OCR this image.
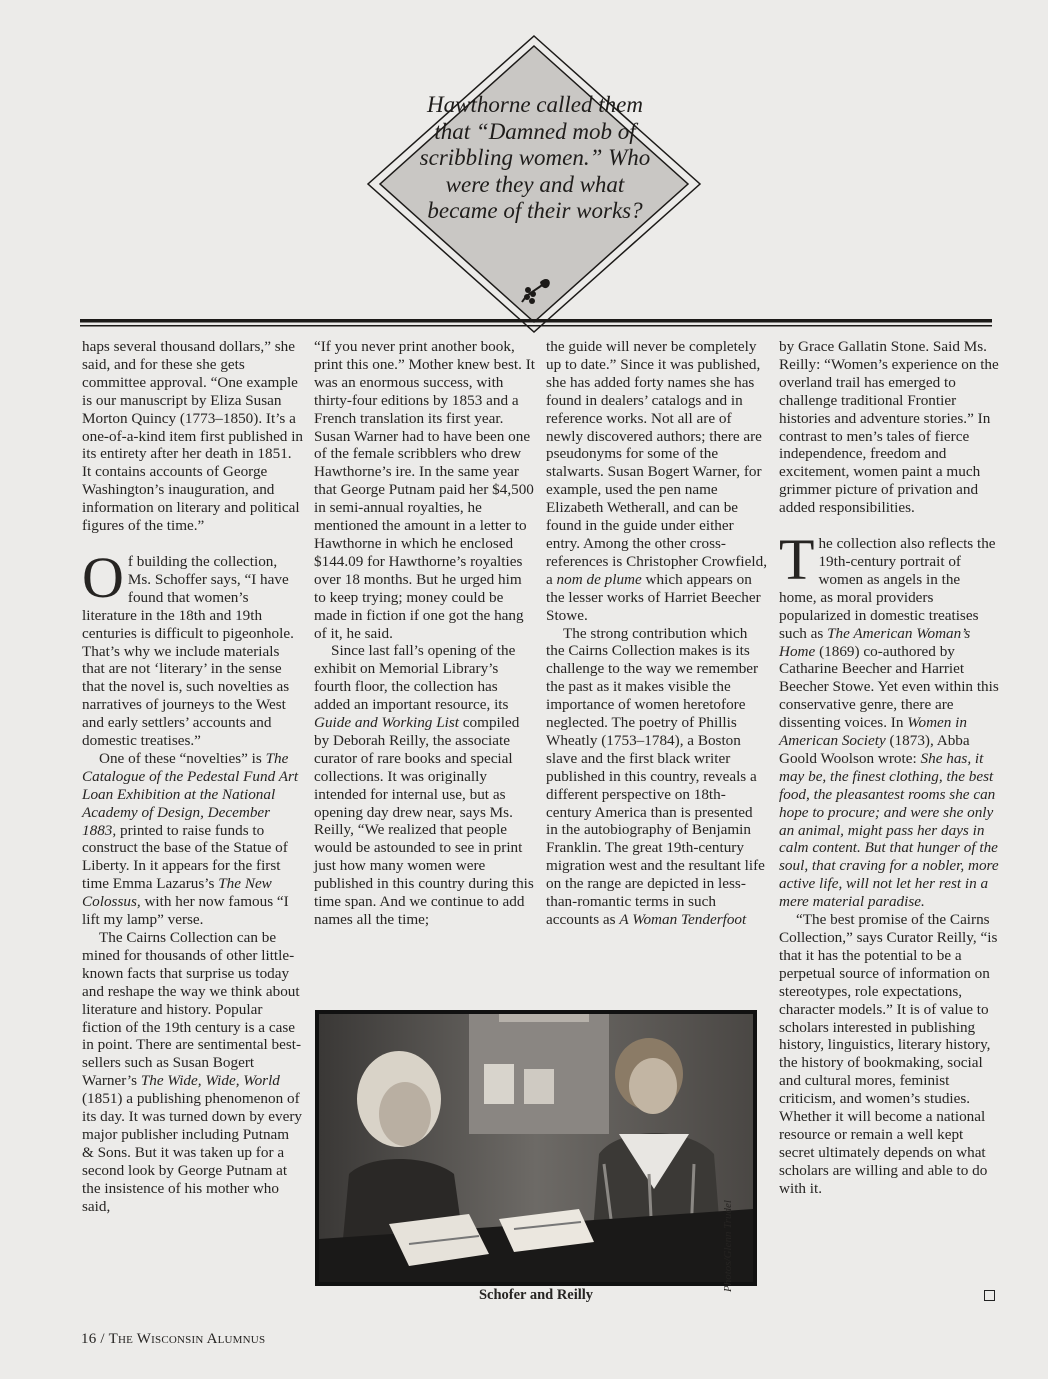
Hawthorne called them that “Damned mob of scribbling women.” Who were they and what became of their works?

haps several thousand dollars,” she said, and for these she gets committee approval. “One example is our manuscript by Eliza Susan Morton Quincy (1773–1850). It’s a one-of-a-kind item first published in its entirety after her death in 1851. It contains accounts of George Washington’s inauguration, and information on literary and political figures of the time.”

Of building the collection, Ms. Schoffer says, “I have found that women’s literature in the 18th and 19th centuries is difficult to pigeonhole. That’s why we include materials that are not ‘literary’ in the sense that the novel is, such novelties as narratives of journeys to the West and early settlers’ accounts and domestic treatises.”

One of these “novelties” is The Catalogue of the Pedestal Fund Art Loan Exhibition at the National Academy of Design, December 1883, printed to raise funds to construct the base of the Statue of Liberty. In it appears for the first time Emma Lazarus’s The New Colossus, with her now famous “I lift my lamp” verse.

The Cairns Collection can be mined for thousands of other little-known facts that surprise us today and reshape the way we think about literature and history. Popular fiction of the 19th century is a case in point. There are sentimental best-sellers such as Susan Bogert Warner’s The Wide, Wide, World (1851) a publishing phenomenon of its day. It was turned down by every major publisher including Putnam & Sons. But it was taken up for a second look by George Putnam at the insistence of his mother who said,

“If you never print another book, print this one.” Mother knew best. It was an enormous success, with thirty-four editions by 1853 and a French translation its first year. Susan Warner had to have been one of the female scribblers who drew Hawthorne’s ire. In the same year that George Putnam paid her $4,500 in semi-annual royalties, he mentioned the amount in a letter to Hawthorne in which he enclosed $144.09 for Hawthorne’s royalties over 18 months. But he urged him to keep trying; money could be made in fiction if one got the hang of it, he said.

Since last fall’s opening of the exhibit on Memorial Library’s fourth floor, the collection has added an important resource, its Guide and Working List compiled by Deborah Reilly, the associate curator of rare books and special collections. It was originally intended for internal use, but as opening day drew near, says Ms. Reilly, “We realized that people would be astounded to see in print just how many women were published in this country during this time span. And we continue to add names all the time;

the guide will never be completely up to date.” Since it was published, she has added forty names she has found in dealers’ catalogs and in reference works. Not all are of newly discovered authors; there are pseudonyms for some of the stalwarts. Susan Bogert Warner, for example, used the pen name Elizabeth Wetherall, and can be found in the guide under either entry. Among the other cross-references is Christopher Crowfield, a nom de plume which appears on the lesser works of Harriet Beecher Stowe.

The strong contribution which the Cairns Collection makes is its challenge to the way we remember the past as it makes visible the importance of women heretofore neglected. The poetry of Phillis Wheatly (1753–1784), a Boston slave and the first black writer published in this country, reveals a different perspective on 18th-century America than is presented in the autobiography of Benjamin Franklin. The great 19th-century migration west and the resultant life on the range are depicted in less-than-romantic terms in such accounts as A Woman Tenderfoot

by Grace Gallatin Stone. Said Ms. Reilly: “Women’s experience on the overland trail has emerged to challenge traditional Frontier histories and adventure stories.” In contrast to men’s tales of fierce independence, freedom and excitement, women paint a much grimmer picture of privation and added responsibilities.

The collection also reflects the 19th-century portrait of women as angels in the home, as moral providers popularized in domestic treatises such as The American Woman’s Home (1869) co-authored by Catharine Beecher and Harriet Beecher Stowe. Yet even within this conservative genre, there are dissenting voices. In Women in American Society (1873), Abba Goold Woolson wrote: She has, it may be, the finest clothing, the best food, the pleasantest rooms she can hope to procure; and were she only an animal, might pass her days in calm content. But that hunger of the soul, that craving for a nobler, more active life, will not let her rest in a mere material paradise.

“The best promise of the Cairns Collection,” says Curator Reilly, “is that it has the potential to be a perpetual source of information on stereotypes, role expectations, character models.” It is of value to scholars interested in publishing history, linguistics, literary history, the history of bookmaking, social and cultural mores, feminist criticism, and women’s studies. Whether it will become a national resource or remain a well kept secret ultimately depends on what scholars are willing and able to do with it.

Photos/Glenn Trudel
Schofer and Reilly
16 / The Wisconsin Alumnus
